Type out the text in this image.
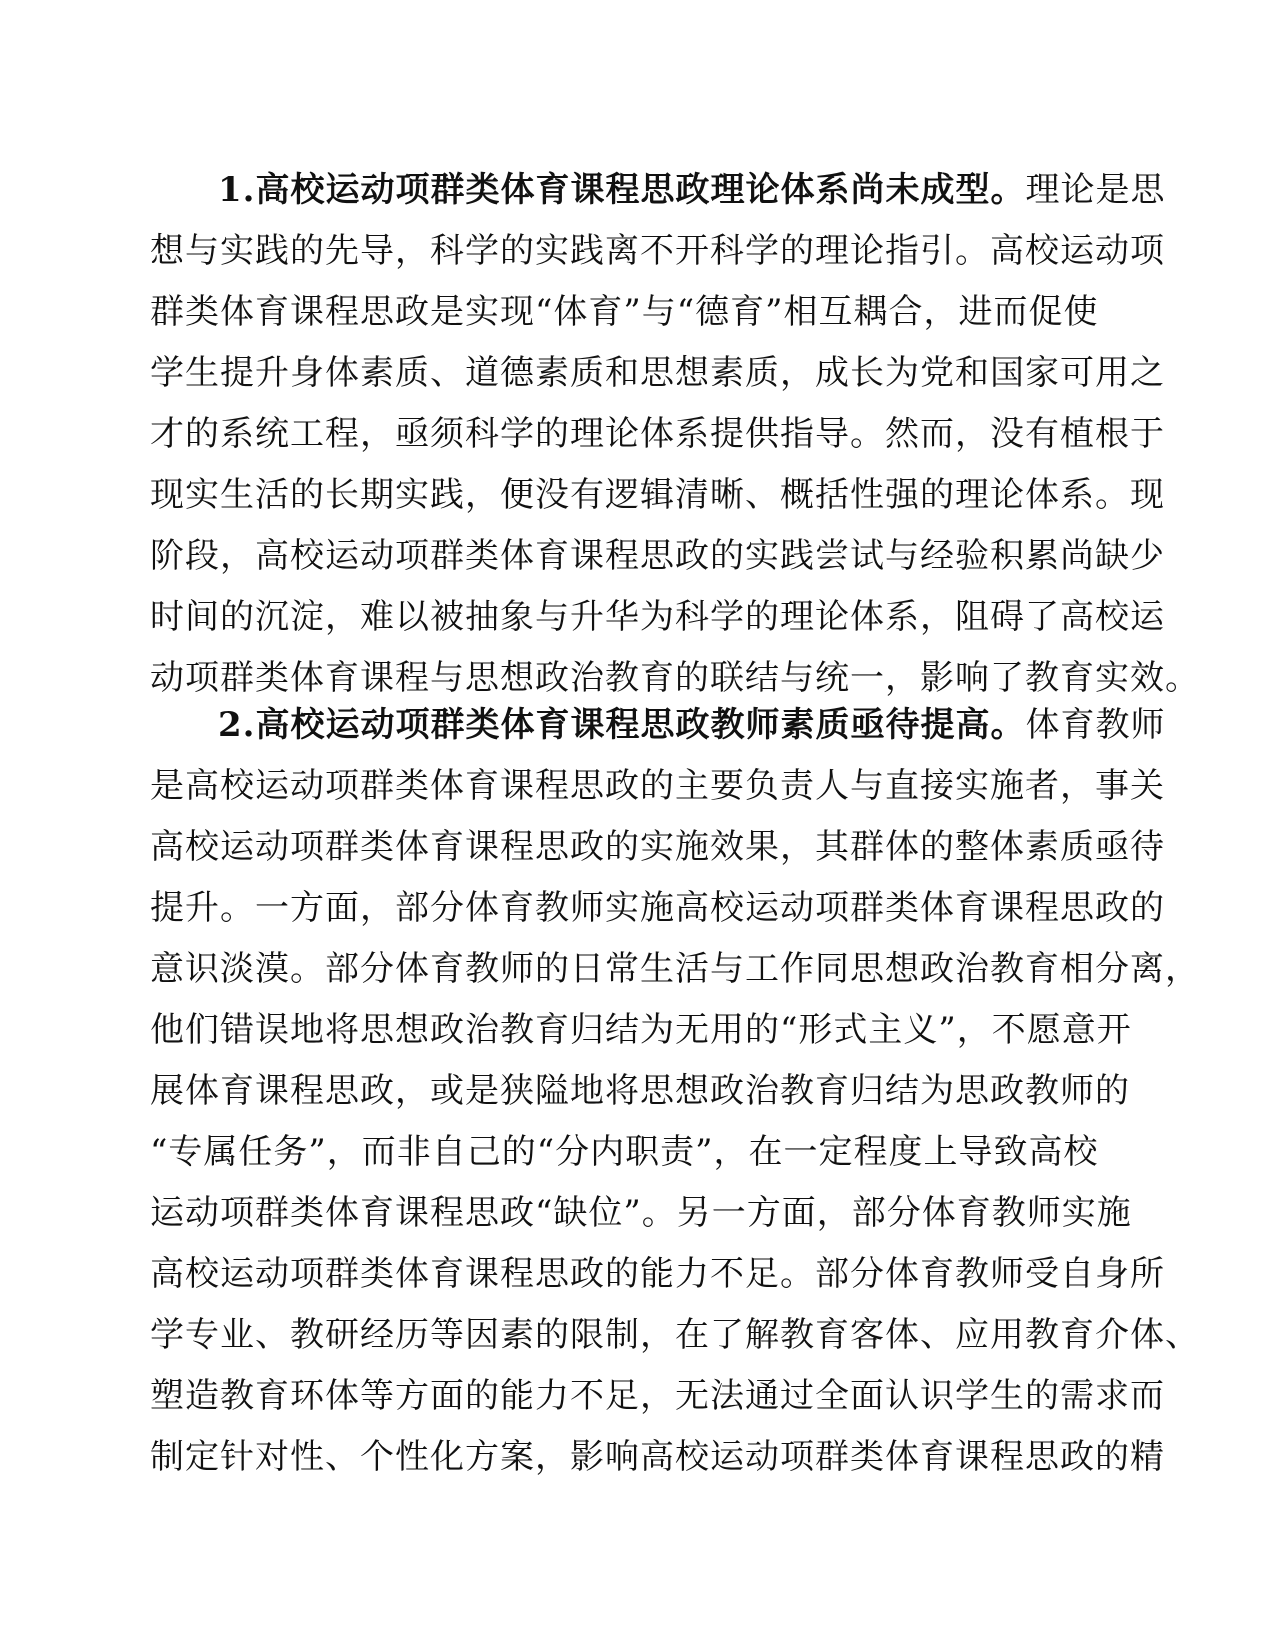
1.高校运动项群类体育课程思政理论体系尚未成型。理论是思
想与实践的先导，科学的实践离不开科学的理论指引。高校运动项
群类体育课程思政是实现“体育”与“德育”相互耦合，进而促使
学生提升身体素质、道德素质和思想素质，成长为党和国家可用之
才的系统工程，亟须科学的理论体系提供指导。然而，没有植根于
现实生活的长期实践，便没有逻辑清晰、概括性强的理论体系。现
阶段，高校运动项群类体育课程思政的实践尝试与经验积累尚缺少
时间的沉淀，难以被抽象与升华为科学的理论体系，阻碍了高校运
动项群类体育课程与思想政治教育的联结与统一，影响了教育实效。
2.高校运动项群类体育课程思政教师素质亟待提高。体育教师
是高校运动项群类体育课程思政的主要负责人与直接实施者，事关
高校运动项群类体育课程思政的实施效果，其群体的整体素质亟待
提升。一方面，部分体育教师实施高校运动项群类体育课程思政的
意识淡漠。部分体育教师的日常生活与工作同思想政治教育相分离，
他们错误地将思想政治教育归结为无用的“形式主义”，不愿意开
展体育课程思政，或是狭隘地将思想政治教育归结为思政教师的
“专属任务”，而非自己的“分内职责”，在一定程度上导致高校
运动项群类体育课程思政“缺位”。另一方面，部分体育教师实施
高校运动项群类体育课程思政的能力不足。部分体育教师受自身所
学专业、教研经历等因素的限制，在了解教育客体、应用教育介体、
塑造教育环体等方面的能力不足，无法通过全面认识学生的需求而
制定针对性、个性化方案，影响高校运动项群类体育课程思政的精
